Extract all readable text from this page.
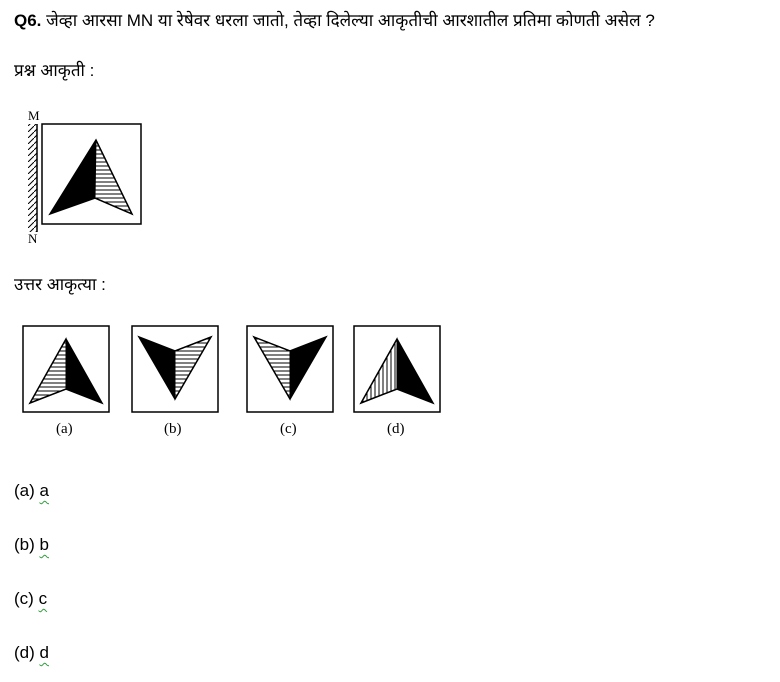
Q6. जेव्हा आरसा MN या रेषेवर धरला जातो, तेव्हा दिलेल्या आकृतीची आरशातील प्रतिमा कोणती असेल ?
प्रश्न आकृती :
M
N
उत्तर आकृत्या :
(a)	(b)	(c)	(d)
(a) a
(b) b
(c) c
(d) d
